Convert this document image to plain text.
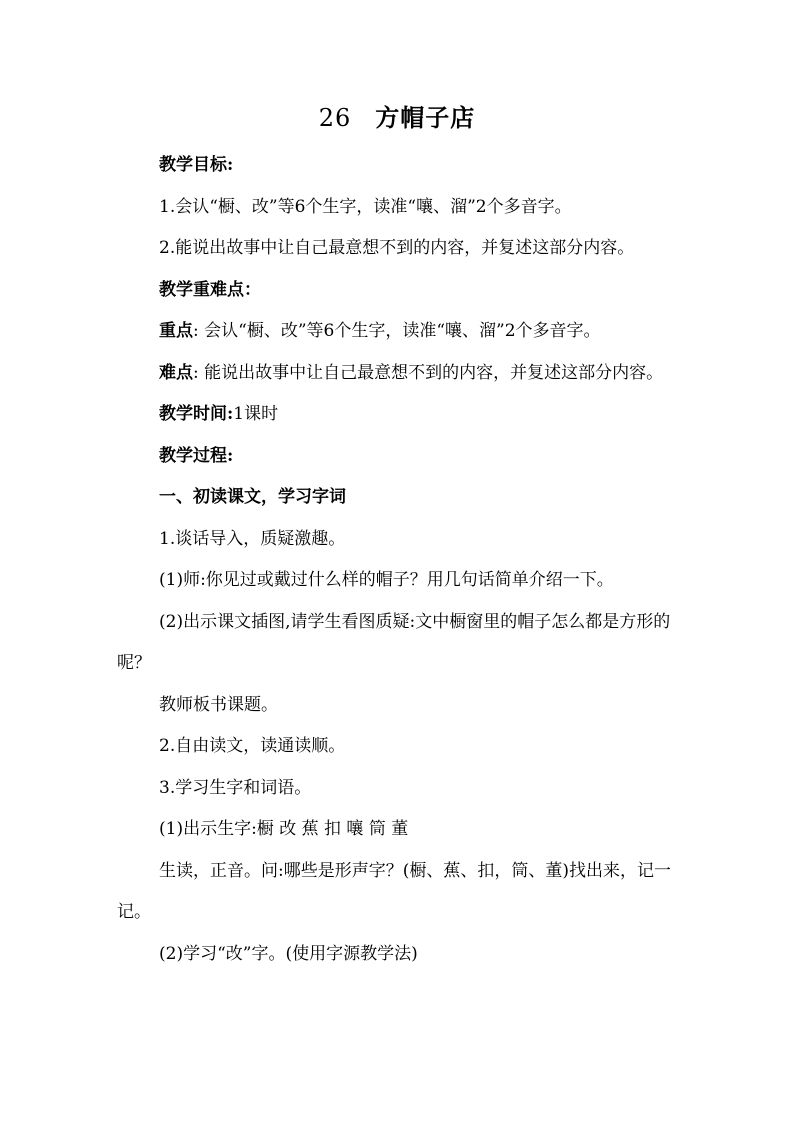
26 方帽子店

教学目标:

1.会认“橱、改”等6个生字，读准“嚷、溜”2个多音字。

2.能说出故事中让自己最意想不到的内容，并复述这部分内容。

教学重难点：

重点: 会认“橱、改”等6个生字，读准“嚷、溜”2个多音字。

难点: 能说出故事中让自己最意想不到的内容，并复述这部分内容。

教学时间:1课时

教学过程:

一、初读课文，学习字词

1.谈话导入，质疑激趣。

(1)师:你见过或戴过什么样的帽子？用几句话简单介绍一下。

(2)出示课文插图,请学生看图质疑:文中橱窗里的帽子怎么都是方形的呢？

教师板书课题。

2.自由读文，读通读顺。

3.学习生字和词语。

(1)出示生字:橱 改 蕉 扣 嚷 筒 董

生读，正音。问:哪些是形声字？(橱、蕉、扣，筒、董)找出来，记一记。

(2)学习“改”字。(使用字源教学法)
